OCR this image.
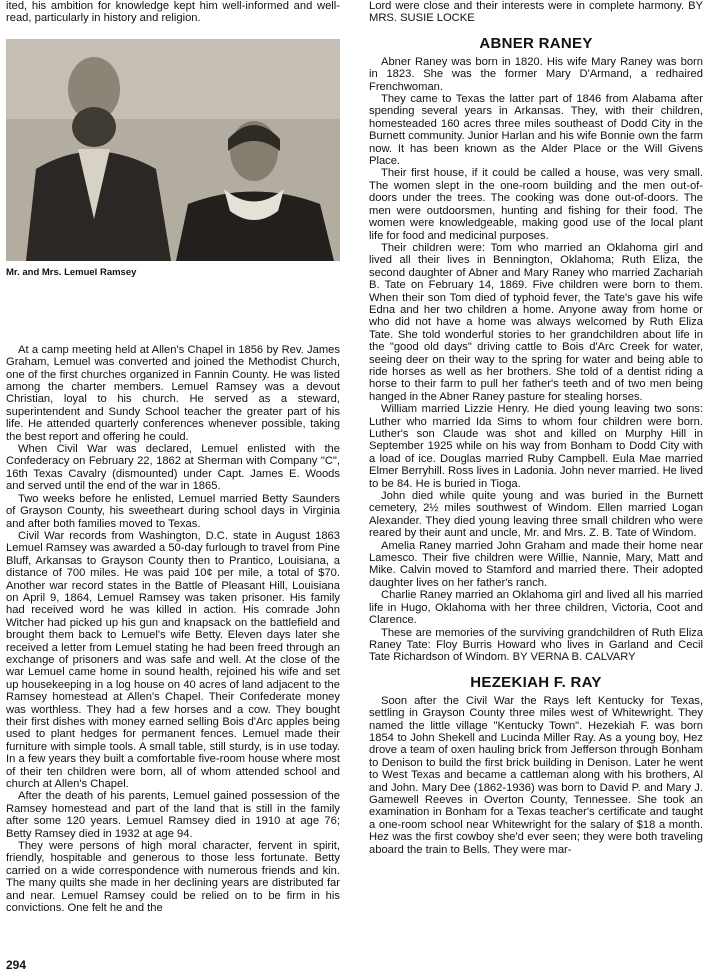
ited, his ambition for knowledge kept him well-informed and well-read, particularly in history and religion.

Mr. and Mrs. Lemuel Ramsey

At a camp meeting held at Allen's Chapel in 1856 by Rev. James Graham, Lemuel was converted and joined the Methodist Church, one of the first churches organized in Fannin County. He was listed among the charter members. Lemuel Ramsey was a devout Christian, loyal to his church. He served as a steward, superintendent and Sundy School teacher the greater part of his life. He attended quarterly conferences whenever possible, taking the best report and offering he could.

When Civil War was declared, Lemuel enlisted with the Confederacy on February 22, 1862 at Sherman with Company "C", 16th Texas Cavalry (dismounted) under Capt. James E. Woods and served until the end of the war in 1865.

Two weeks before he enlisted, Lemuel married Betty Saunders of Grayson County, his sweetheart during school days in Virginia and after both families moved to Texas.

Civil War records from Washington, D.C. state in August 1863 Lemuel Ramsey was awarded a 50-day furlough to travel from Pine Bluff, Arkansas to Grayson County then to Prantico, Louisiana, a distance of 700 miles. He was paid 10¢ per mile, a total of $70. Another war record states in the Battle of Pleasant Hill, Louisiana on April 9, 1864, Lemuel Ramsey was taken prisoner. His family had received word he was killed in action. His comrade John Witcher had picked up his gun and knapsack on the battlefield and brought them back to Lemuel's wife Betty. Eleven days later she received a letter from Lemuel stating he had been freed through an exchange of prisoners and was safe and well. At the close of the war Lemuel came home in sound health, rejoined his wife and set up housekeeping in a log house on 40 acres of land adjacent to the Ramsey homestead at Allen's Chapel. Their Confederate money was worthless. They had a few horses and a cow. They bought their first dishes with money earned selling Bois d'Arc apples being used to plant hedges for permanent fences. Lemuel made their furniture with simple tools. A small table, still sturdy, is in use today. In a few years they built a comfortable five-room house where most of their ten children were born, all of whom attended school and church at Allen's Chapel.

After the death of his parents, Lemuel gained possession of the Ramsey homestead and part of the land that is still in the family after some 120 years. Lemuel Ramsey died in 1910 at age 76; Betty Ramsey died in 1932 at age 94.

They were persons of high moral character, fervent in spirit, friendly, hospitable and generous to those less fortunate. Betty carried on a wide correspondence with numerous friends and kin. The many quilts she made in her declining years are distributed far and near. Lemuel Ramsey could be relied on to be firm in his convictions. One felt he and the

Lord were close and their interests were in complete harmony. BY MRS. SUSIE LOCKE

ABNER RANEY

Abner Raney was born in 1820. His wife Mary Raney was born in 1823. She was the former Mary D'Armand, a redhaired Frenchwoman.

They came to Texas the latter part of 1846 from Alabama after spending several years in Arkansas. They, with their children, homesteaded 160 acres three miles southeast of Dodd City in the Burnett community. Junior Harlan and his wife Bonnie own the farm now. It has been known as the Alder Place or the Will Givens Place.

Their first house, if it could be called a house, was very small. The women slept in the one-room building and the men out-of-doors under the trees. The cooking was done out-of-doors. The men were outdoorsmen, hunting and fishing for their food. The women were knowledgeable, making good use of the local plant life for food and medicinal purposes.

Their children were: Tom who married an Oklahoma girl and lived all their lives in Bennington, Oklahoma; Ruth Eliza, the second daughter of Abner and Mary Raney who married Zachariah B. Tate on February 14, 1869. Five children were born to them. When their son Tom died of typhoid fever, the Tate's gave his wife Edna and her two children a home. Anyone away from home or who did not have a home was always welcomed by Ruth Eliza Tate. She told wonderful stories to her grandchildren about life in the "good old days" driving cattle to Bois d'Arc Creek for water, seeing deer on their way to the spring for water and being able to ride horses as well as her brothers. She told of a dentist riding a horse to their farm to pull her father's teeth and of two men being hanged in the Abner Raney pasture for stealing horses.

William married Lizzie Henry. He died young leaving two sons: Luther who married Ida Sims to whom four children were born. Luther's son Claude was shot and killed on Murphy Hill in September 1925 while on his way from Bonham to Dodd City with a load of ice. Douglas married Ruby Campbell. Eula Mae married Elmer Berryhill. Ross lives in Ladonia. John never married. He lived to be 84. He is buried in Tioga.

John died while quite young and was buried in the Burnett cemetery, 2½ miles southwest of Windom. Ellen married Logan Alexander. They died young leaving three small children who were reared by their aunt and uncle, Mr. and Mrs. Z. B. Tate of Windom.

Amelia Raney married John Graham and made their home near Lamesco. Their five children were Willie, Nannie, Mary, Matt and Mike. Calvin moved to Stamford and married there. Their adopted daughter lives on her father's ranch.

Charlie Raney married an Oklahoma girl and lived all his married life in Hugo, Oklahoma with her three children, Victoria, Coot and Clarence.

These are memories of the surviving grandchildren of Ruth Eliza Raney Tate: Floy Burris Howard who lives in Garland and Cecil Tate Richardson of Windom. BY VERNA B. CALVARY

HEZEKIAH F. RAY

Soon after the Civil War the Rays left Kentucky for Texas, settling in Grayson County three miles west of Whitewright. They named the little village "Kentucky Town". Hezekiah F. was born 1854 to John Shekell and Lucinda Miller Ray. As a young boy, Hez drove a team of oxen hauling brick from Jefferson through Bonham to Denison to build the first brick building in Denison. Later he went to West Texas and became a cattleman along with his brothers, Al and John. Mary Dee (1862-1936) was born to David P. and Mary J. Gamewell Reeves in Overton County, Tennessee. She took an examination in Bonham for a Texas teacher's certificate and taught a one-room school near Whitewright for the salary of $18 a month. Hez was the first cowboy she'd ever seen; they were both traveling aboard the train to Bells. They were mar-

294
